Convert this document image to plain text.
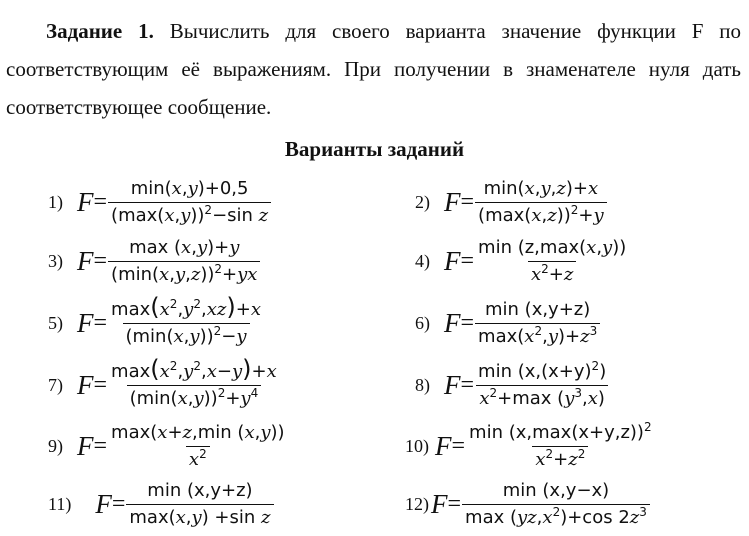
Задание 1. Вычислить для своего варианта значение функции F по соответствующим её выражениям. При получении в знаменателе нуля дать соответствующее сообщение.

Варианты заданий

1) $F = \frac{\min(x,y)+0,5}{(\max(x,y))^2-\sin z}$	2) $F = \frac{\min(x,y,z)+x}{(\max(x,z))^2+y}$
3) $F = \frac{\max (x,y)+y}{(\min(x,y,z))^2+yx}$	4) $F = \frac{\min (z,\max(x,y))}{x^2+z}$
5) $F = \frac{\max(x^2,y^2,xz)+x}{(\min(x,y))^2-y}$	6) $F = \frac{\min (x,y+z)}{\max(x^2,y)+z^3}$
7) $F = \frac{\max(x^2,y^2,x-y)+x}{(\min(x,y))^2+y^4}$	8) $F = \frac{\min (x,(x+y)^2)}{x^2+\max (y^3,x)}$
9) $F = \frac{\max(x+z,\min (x,y))}{x^2}$	10) $F = \frac{\min (x,\max(x+y,z))^2}{x^2+z^2}$
11) $F = \frac{\min (x,y+z)}{\text{max(x,y) +sin z}}$	12) $F = \frac{\min (x,y-x)}{\max (yz,x^2)+\cos 2z^3}$
